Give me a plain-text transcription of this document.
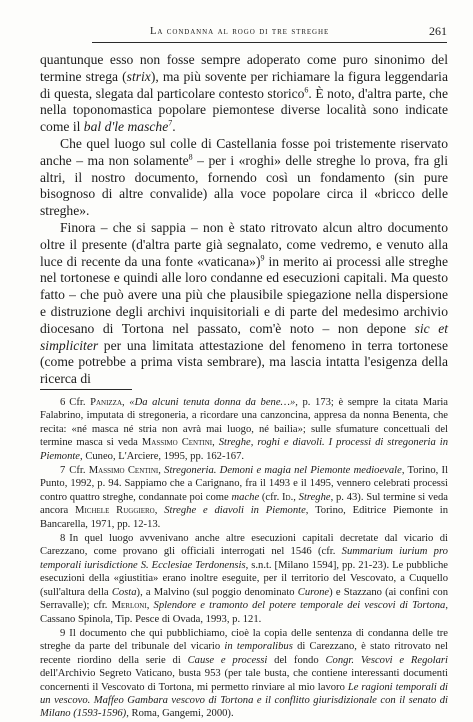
La condanna al rogo di tre streghe	261

quantunque esso non fosse sempre adoperato come puro sinonimo del termine strega (strix), ma più sovente per richiamare la figura leggendaria di questa, slegata dal particolare contesto storico$^6$. È noto, d'altra parte, che nella toponomastica popolare piemontese diverse località sono indicate come il bal d'le masche$^7$.

Che quel luogo sul colle di Castellania fosse poi tristemente riservato anche – ma non solamente$^8$ – per i «roghi» delle streghe lo prova, fra gli altri, il nostro documento, fornendo così un fondamento (sin pure bisognoso di altre convalide) alla voce popolare circa il «bricco delle streghe».

Finora – che si sappia – non è stato ritrovato alcun altro documento oltre il presente (d'altra parte già segnalato, come vedremo, e venuto alla luce di recente da una fonte «vaticana»)$^9$ in merito ai processi alle streghe nel tortonese e quindi alle loro condanne ed esecuzioni capitali. Ma questo fatto – che può avere una più che plausibile spiegazione nella dispersione e distruzione degli archivi inquisitoriali e di parte del medesimo archivio diocesano di Tortona nel passato, com'è noto – non depone sic et simpliciter per una limitata attestazione del fenomeno in terra tortonese (come potrebbe a prima vista sembrare), ma lascia intatta l'esigenza della ricerca di

6 Cfr. Panizza, «Da alcuni tenuta donna da bene…», p. 173; è sempre la citata Maria Falabrino, imputata di stregoneria, a ricordare una canzoncina, appresa da nonna Benenta, che recita: «né masca né stria non avrà mai luogo, né bailia»; sulle sfumature concettuali del termine masca si veda Massimo Centini, Streghe, roghi e diavoli. I processi di stregoneria in Piemonte, Cuneo, L'Arciere, 1995, pp. 162-167.

7 Cfr. Massimo Centini, Stregoneria. Demoni e magia nel Piemonte medioevale, Torino, Il Punto, 1992, p. 94. Sappiamo che a Carignano, fra il 1493 e il 1495, vennero celebrati processi contro quattro streghe, condannate poi come mache (cfr. Id., Streghe, p. 43). Sul termine si veda ancora Michele Ruggiero, Streghe e diavoli in Piemonte, Torino, Editrice Piemonte in Bancarella, 1971, pp. 12-13.

8 In quel luogo avvenivano anche altre esecuzioni capitali decretate dal vicario di Carezzano, come provano gli officiali interrogati nel 1546 (cfr. Summarium iurium pro temporali iurisdictione S. Ecclesiae Terdonensis, s.n.t. [Milano 1594], pp. 21-23). Le pubbliche esecuzioni della «giustitia» erano inoltre eseguite, per il territorio del Vescovato, a Cuquello (sull'altura della Costa), a Malvino (sul poggio denominato Curone) e Stazzano (ai confini con Serravalle); cfr. Merloni, Splendore e tramonto del potere temporale dei vescovi di Tortona, Cassano Spinola, Tip. Pesce di Ovada, 1993, p. 121.

9 Il documento che qui pubblichiamo, cioè la copia delle sentenza di condanna delle tre streghe da parte del tribunale del vicario in temporalibus di Carezzano, è stato ritrovato nel recente riordino della serie di Cause e processi del fondo Congr. Vescovi e Regolari dell'Archivio Segreto Vaticano, busta 953 (per tale busta, che contiene interessanti documenti concernenti il Vescovato di Tortona, mi permetto rinviare al mio lavoro Le ragioni temporali di un vescovo. Maffeo Gambara vescovo di Tortona e il conflitto giurisdizionale con il senato di Milano (1593-1596), Roma, Gangemi, 2000).
